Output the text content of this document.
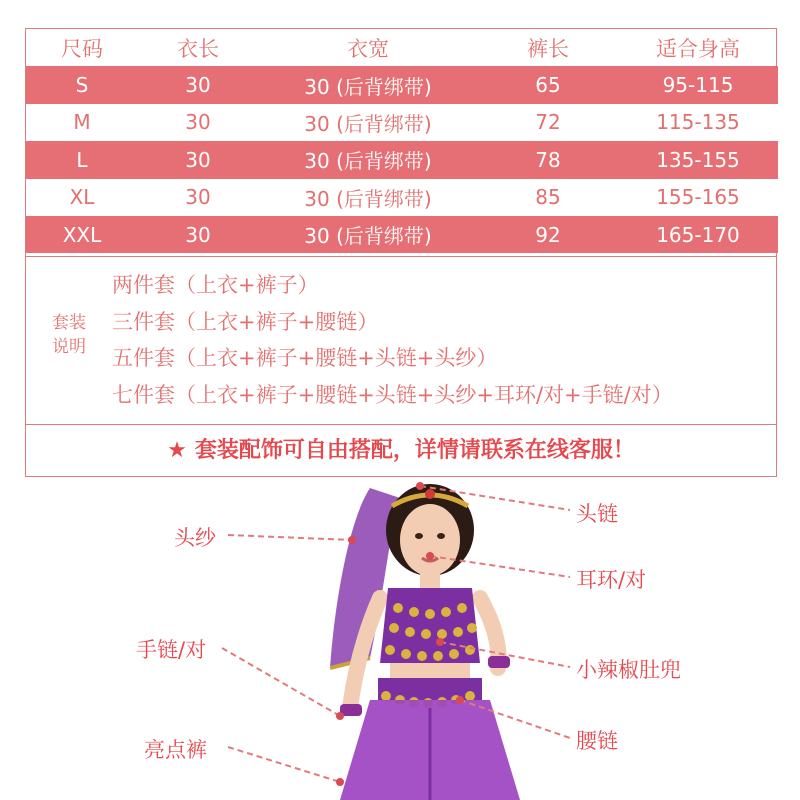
尺码	衣长	衣宽	裤长	适合身高
S	30	30 (后背绑带)	65	95-115
M	30	30 (后背绑带)	72	115-135
L	30	30 (后背绑带)	78	135-155
XL	30	30 (后背绑带)	85	155-165
XXL	30	30 (后背绑带)	92	165-170
套装
说明
两件套（上衣+裤子）
三件套（上衣+裤子+腰链）
五件套（上衣+裤子+腰链+头链+头纱）
七件套（上衣+裤子+腰链+头链+头纱+耳环/对+手链/对）
★ 套装配饰可自由搭配，详情请联系在线客服！
头纱
头链
耳环/对
手链/对
小辣椒肚兜
腰链
亮点裤
